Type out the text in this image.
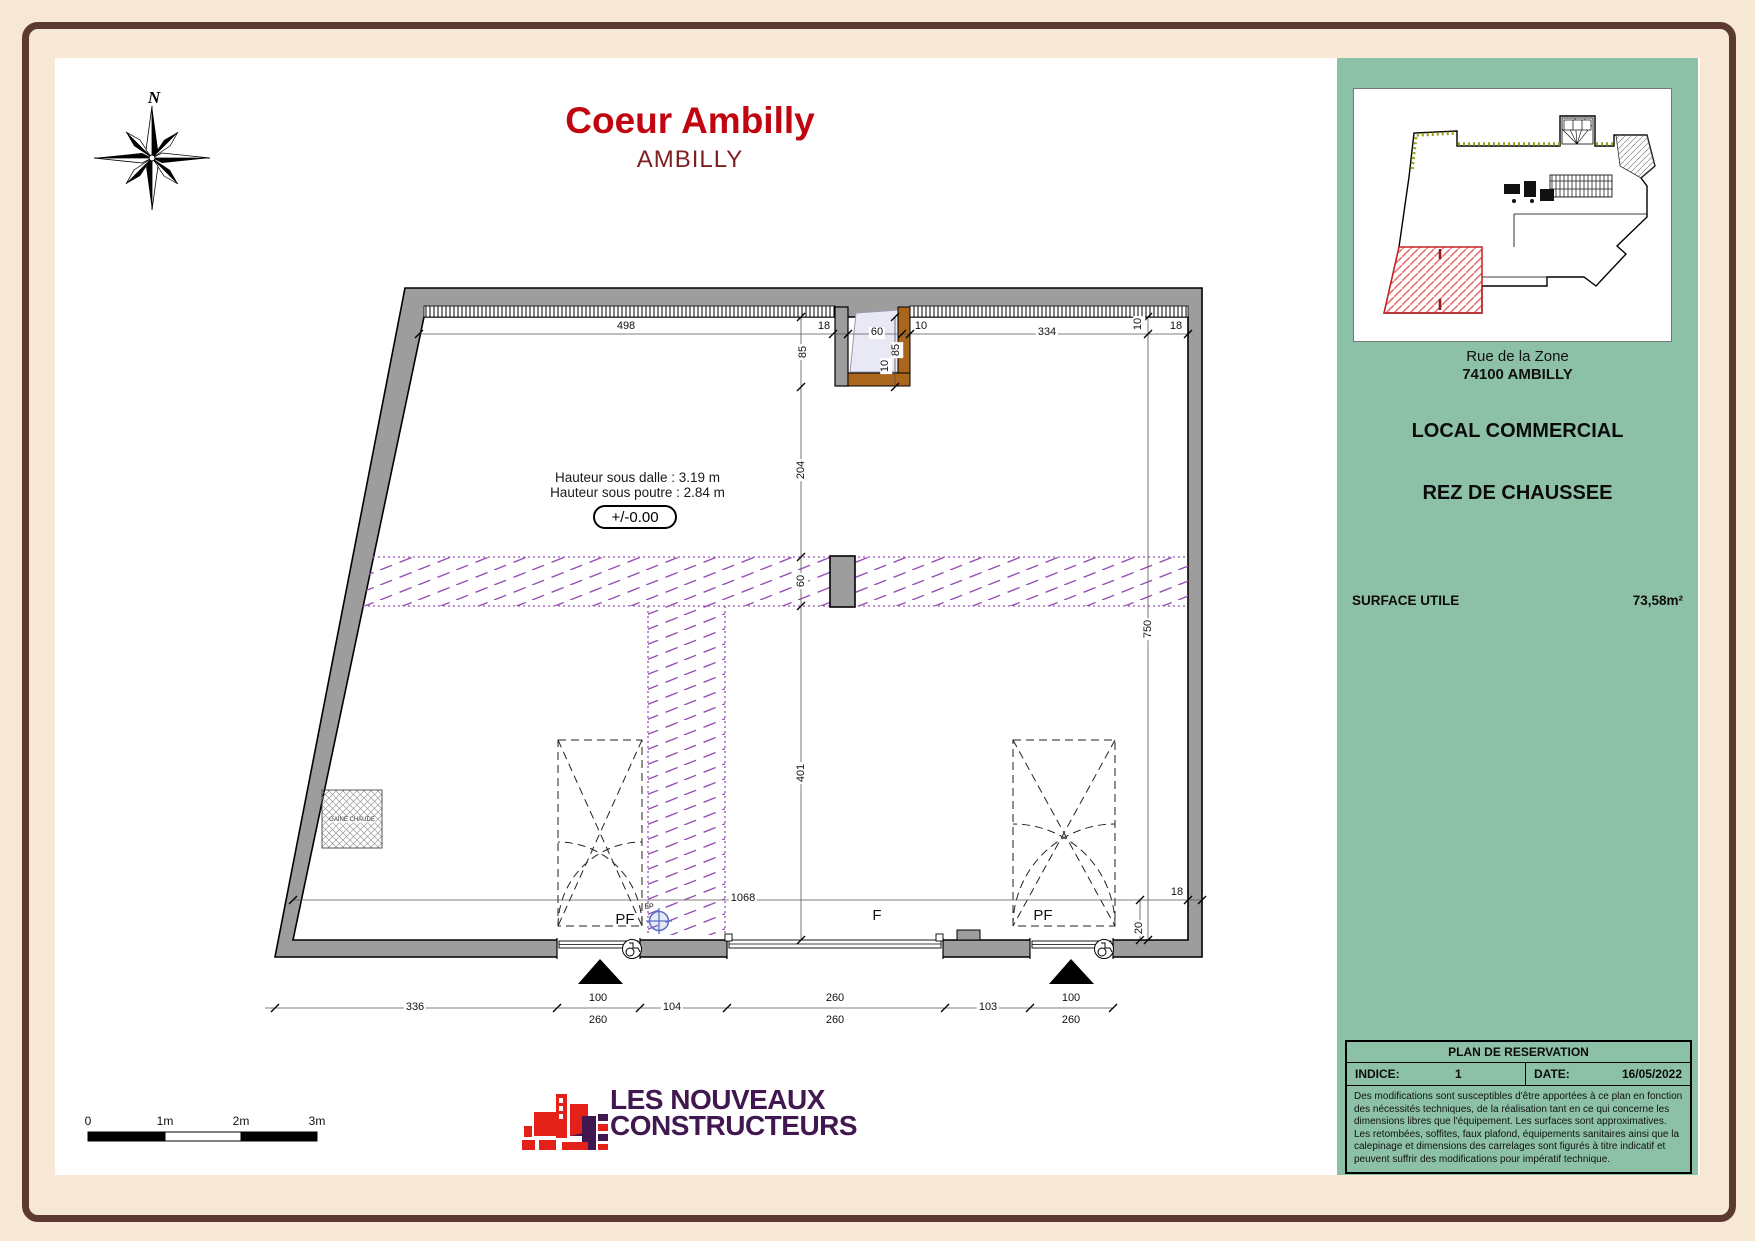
N
498	18	60
85
10
10	334
10 18
85
204
60
401
750
1068	18
20
336
100
260
104
260
260
103
100
260
PF	F	PF
EP
Coeur Ambilly
AMBILLY
Hauteur sous dalle : 3.19 m
Hauteur sous poutre : 2.84 m
+/-0.00
GAINE CHAUDE
0	1m	2m	3m
LES NOUVEAUX
CONSTRUCTEURS
Rue de la Zone
74100 AMBILLY
LOCAL COMMERCIAL
REZ DE CHAUSSEE
SURFACE UTILE	73,58m²
PLAN DE RESERVATION
INDICE:	1	DATE:	16/05/2022
Des modifications sont susceptibles d'être apportées à ce plan en fonction des nécessités techniques, de la réalisation tant en ce qui concerne les dimensions libres que l'équipement. Les surfaces sont approximatives. Les retombées, soffites, faux plafond, équipements sanitaires ainsi que la calepinage et dimensions des carrelages sont figurés à titre indicatif et peuvent suffrir des modifications pour impératif technique.
